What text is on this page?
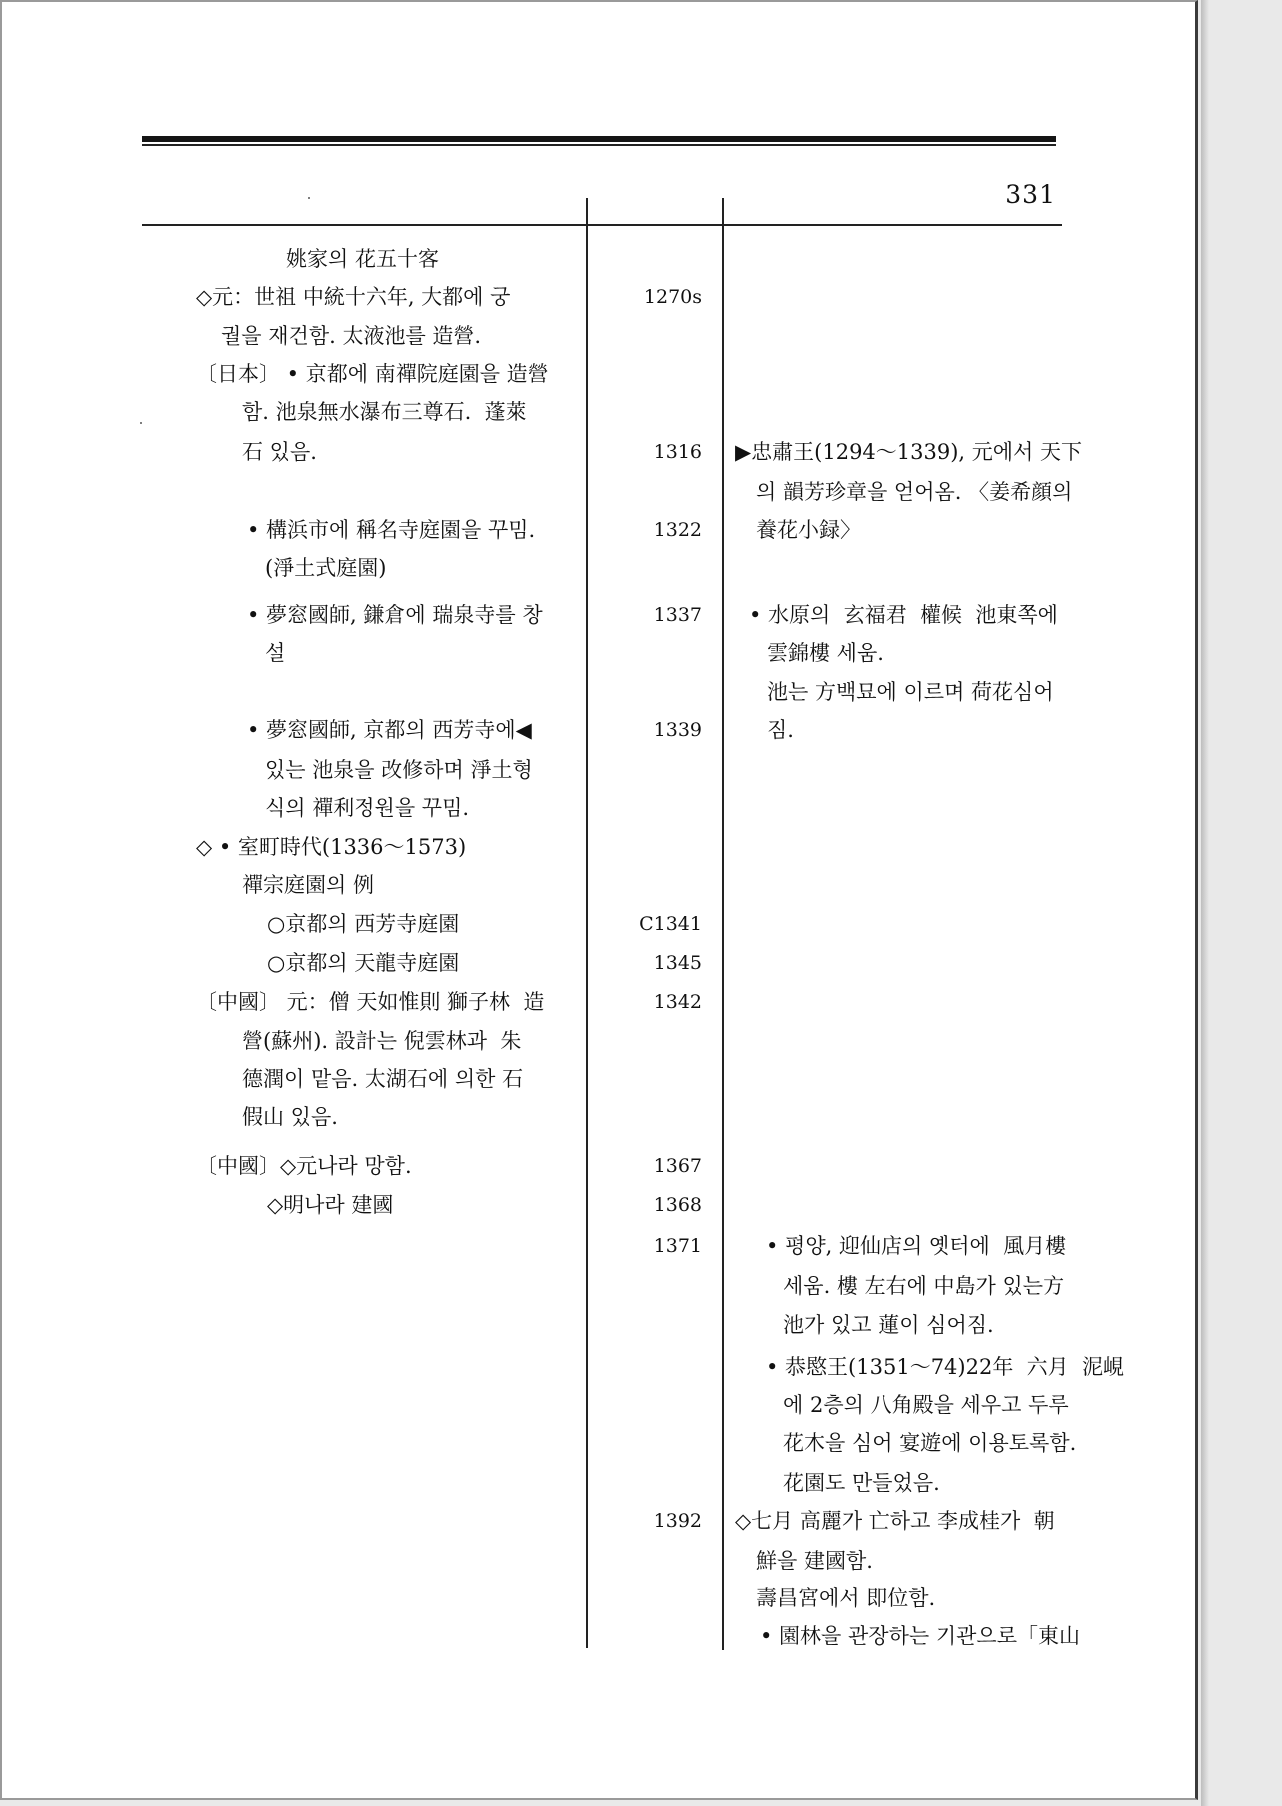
331
姚家의 花五十客
◇元：世祖 中統十六年, 大都에 궁
궐을 재건함. 太液池를 造營.
〔日本〕 • 京都에 南禪院庭園을 造營
함. 池泉無水瀑布三尊石.  蓬萊
石 있음.
• 構浜市에 稱名寺庭園을 꾸밈.
(淨土式庭園)
• 夢窓國師, 鎌倉에 瑞泉寺를 창
설
• 夢窓國師, 京都의 西芳寺에◀
있는 池泉을 改修하며 淨土형
식의 禪利정원을 꾸밈.
◇ • 室町時代(1336～1573)
禪宗庭園의 例
○京都의 西芳寺庭園
○京都의 天龍寺庭園
〔中國〕 元：僧 天如惟則 獅子林  造
營(蘇州). 設計는 倪雲林과  朱
德潤이 맡음. 太湖石에 의한 石
假山 있음.
〔中國〕◇元나라 망함.
◇明나라 建國
1270s
1316
1322
1337
1339
C1341
1345
1342
1367
1368
1371
1392
▶忠肅王(1294～1339), 元에서 天下
의 韻芳珍章을 얻어옴. 〈姜希顔의
養花小録〉
• 水原의  玄福君  權候  池東쪽에
雲錦樓 세움.
池는 方백묘에 이르며 荷花심어
짐.
• 평양, 迎仙店의 옛터에  風月樓
세움. 樓 左右에 中島가 있는方
池가 있고 蓮이 심어짐.
• 恭愍王(1351～74)22年  六月  泥峴
에 2층의 八角殿을 세우고 두루
花木을 심어 宴遊에 이용토록함.
花園도 만들었음.
◇七月 高麗가 亡하고 李成桂가  朝
鮮을 建國함.
壽昌宮에서 即位함.
• 園林을 관장하는 기관으로「東山
